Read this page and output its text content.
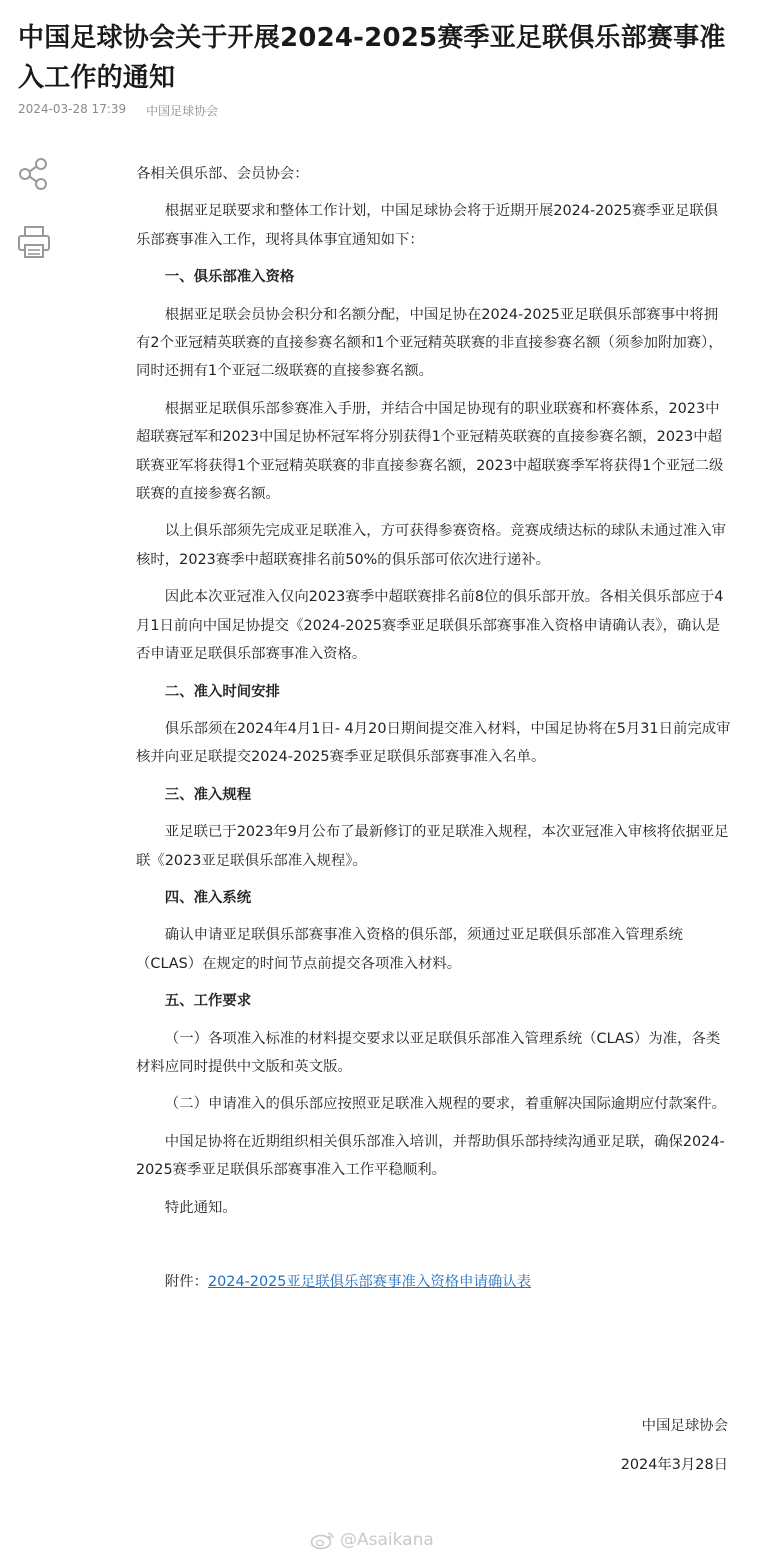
中国足球协会关于开展2024-2025赛季亚足联俱乐部赛事准入工作的通知
2024-03-28 17:39 中国足球协会

各相关俱乐部、会员协会：

根据亚足联要求和整体工作计划，中国足球协会将于近期开展2024-2025赛季亚足联俱乐部赛事准入工作，现将具体事宜通知如下：

一、俱乐部准入资格

根据亚足联会员协会积分和名额分配，中国足协在2024-2025亚足联俱乐部赛事中将拥有2个亚冠精英联赛的直接参赛名额和1个亚冠精英联赛的非直接参赛名额（须参加附加赛），同时还拥有1个亚冠二级联赛的直接参赛名额。

根据亚足联俱乐部参赛准入手册，并结合中国足协现有的职业联赛和杯赛体系，2023中超联赛冠军和2023中国足协杯冠军将分别获得1个亚冠精英联赛的直接参赛名额，2023中超联赛亚军将获得1个亚冠精英联赛的非直接参赛名额，2023中超联赛季军将获得1个亚冠二级联赛的直接参赛名额。

以上俱乐部须先完成亚足联准入，方可获得参赛资格。竞赛成绩达标的球队未通过准入审核时，2023赛季中超联赛排名前50%的俱乐部可依次进行递补。

因此本次亚冠准入仅向2023赛季中超联赛排名前8位的俱乐部开放。各相关俱乐部应于4月1日前向中国足协提交《2024-2025赛季亚足联俱乐部赛事准入资格申请确认表》，确认是否申请亚足联俱乐部赛事准入资格。

二、准入时间安排

俱乐部须在2024年4月1日- 4月20日期间提交准入材料，中国足协将在5月31日前完成审核并向亚足联提交2024-2025赛季亚足联俱乐部赛事准入名单。

三、准入规程

亚足联已于2023年9月公布了最新修订的亚足联准入规程，本次亚冠准入审核将依据亚足联《2023亚足联俱乐部准入规程》。

四、准入系统

确认申请亚足联俱乐部赛事准入资格的俱乐部，须通过亚足联俱乐部准入管理系统（CLAS）在规定的时间节点前提交各项准入材料。

五、工作要求

（一）各项准入标准的材料提交要求以亚足联俱乐部准入管理系统（CLAS）为准，各类材料应同时提供中文版和英文版。

（二）申请准入的俱乐部应按照亚足联准入规程的要求，着重解决国际逾期应付款案件。

中国足协将在近期组织相关俱乐部准入培训，并帮助俱乐部持续沟通亚足联，确保2024-2025赛季亚足联俱乐部赛事准入工作平稳顺利。

特此通知。

附件：2024-2025亚足联俱乐部赛事准入资格申请确认表

中国足球协会
2024年3月28日
@Asaikana
